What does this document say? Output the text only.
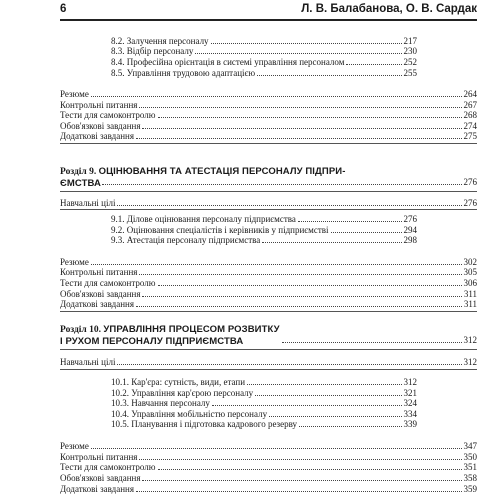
6	Л. В. Балабанова, О. В. Сардак
8.2. Залучення персоналу	217
8.3. Відбір персоналу	230
8.4. Професійна орієнтація в системі управління персоналом	252
8.5. Управління трудовою адаптацією	255
Резюме	264
Контрольні питання	267
Тести для самоконтролю	268
Обов'язкові завдання	274
Додаткові завдання	275
Розділ 9. ОЦІНЮВАННЯ ТА АТЕСТАЦІЯ ПЕРСОНАЛУ ПІДПРИ-
ЄМСТВА	276
Навчальні цілі	276
9.1. Ділове оцінювання персоналу підприємства	276
9.2. Оцінювання спеціалістів і керівників у підприємстві	294
9.3. Атестація персоналу підприємства	298
Резюме	302
Контрольні питання	305
Тести для самоконтролю	306
Обов'язкові завдання	311
Додаткові завдання	311
Розділ 10. УПРАВЛІННЯ ПРОЦЕСОМ РОЗВИТКУ
І РУХОМ ПЕРСОНАЛУ ПІДПРИЄМСТВА	312
Навчальні цілі	312
10.1. Кар'єра: сутність, види, етапи	312
10.2. Управління кар'єрою персоналу	321
10.3. Навчання персоналу	324
10.4. Управління мобільністю персоналу	334
10.5. Планування і підготовка кадрового резерву	339
Резюме	347
Контрольні питання	350
Тести для самоконтролю	351
Обов'язкові завдання	358
Додаткові завдання	359
